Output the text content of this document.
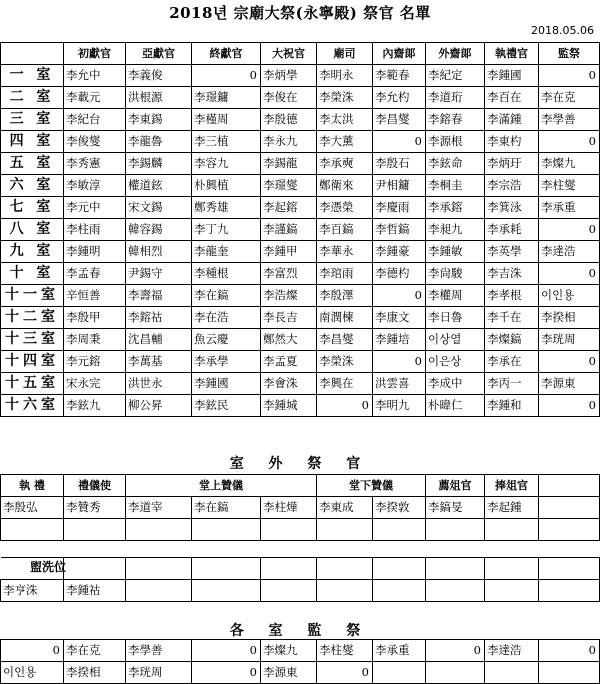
2018년 宗廟大祭(永寧殿) 祭官 名單
2018.05.06
	初獻官	亞獻官	終獻官	大祝官	廟司	內齋郞	外齋郞	執禮官	監祭
一 室	李允中	李義俊	0	李炳學	李明永	李範春	李紀定	李鍾國	0
二 室	李載元	洪根源	李璟鏞	李俊在	李榮洙	李允杓	李道珩	李百在	李在克
三 室	李紀台	李東錫	李槿周	李殷德	李太洪	李昌燮	李鎔春	李滿鍾	李學善
四 室	李俊燮	李龍魯	李三植	李永九	李大薰	0	李源根	李東杓	0
五 室	李秀憲	李錫麟	李容九	李錫龍	李承奭	李殷石	李鉉命	李炳玗	李燦九
六 室	李敏淳	權道鉉	朴興植	李璟燮	鄭衛來	尹相鏞	李桐圭	李宗浩	李柱燮
七 室	李元中	宋文錫	鄭秀雄	李起鎔	李憑榮	李慶雨	李承鎔	李箕泳	李承重
八 室	李柱雨	韓容錫	李丁九	李謹鎬	李百鎬	李哲鎬	李昶九	李承耗	0
九 室	李鍾明	韓相烈	李龍奎	李鍾甲	李華永	李鍾豪	李鍾敏	李英學	李達浩
十 室	李孟春	尹錫守	李種根	李富烈	李琯雨	李德杓	李尙駿	李吉洙	0
十一室	辛恒善	李壽福	李在鎬	李浩燦	李殷澤	0	李權周	李孝根	이인용
十二室	李殷甲	李鎔祜	李在浩	李長吉	南潤楝	李康文	李日魯	李千在	李揆相
十三室	李周秉	沈昌輔	魚云慶	鄭然大	李昌燮	李鍾培	이상열	李燦鎬	李珖周
十四室	李元鎔	李萬基	李承學	李孟夏	李榮洙	0	이은상	李承在	0
十五室	宋永完	洪世永	李鍾國	李會洙	李興在	洪雲喜	李成中	李丙一	李源東
十六室	李鉉九	柳公昇	李鉉民	李鍾城	0	李明九	朴暐仁	李鍾和	0
室 外 祭 官
執 禮	禮儀使	堂上贊儀			堂下贊儀		薦俎官	捧俎官	
李殷弘	李贊秀	李道宰	李在鎬	李柱燁	李東成	李揆敦	李鎬旻	李起鍾	

盥洗位

李亨洙	李鍾祜								
各 室 監 祭
0	李在克	李學善	0	李燦九	李柱燮	李承重	0	李達浩	0
이인용	李揆相	李珖周	0	李源東	0				
